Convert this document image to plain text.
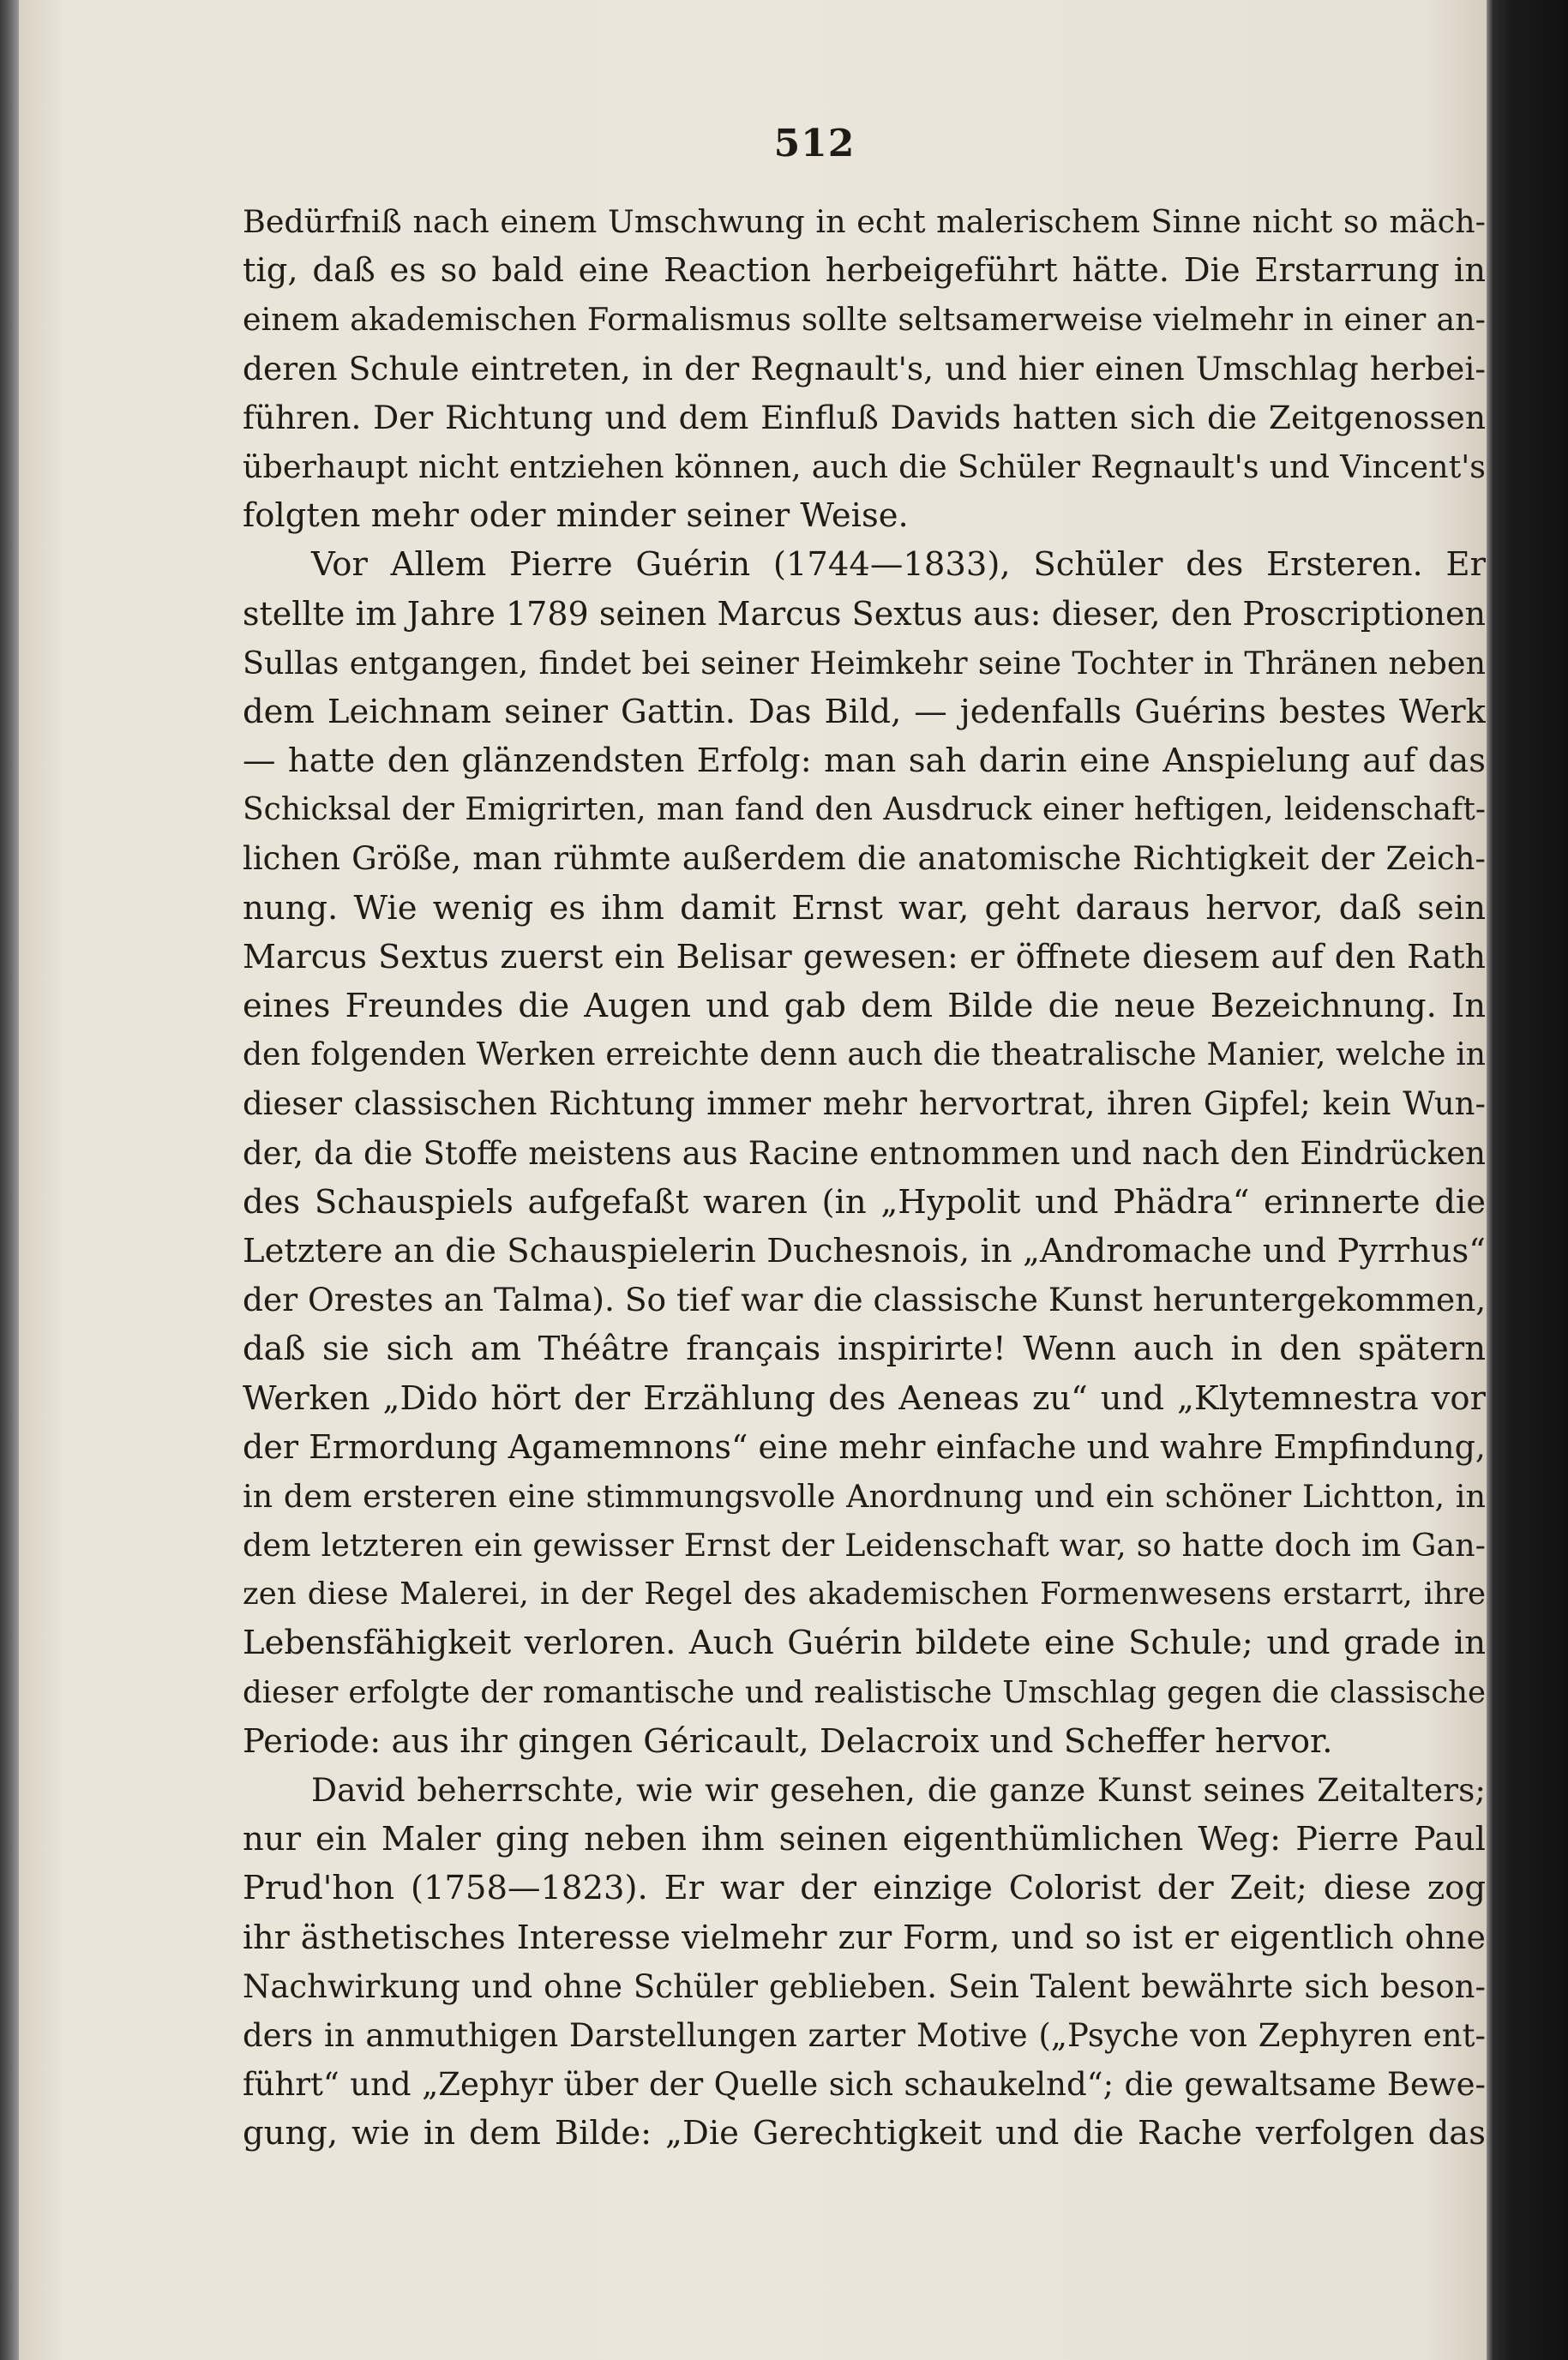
512
Bedürfniß nach einem Umschwung in echt malerischem Sinne nicht so mäch-
tig, daß es so bald eine Reaction herbeigeführt hätte. Die Erstarrung in
einem akademischen Formalismus sollte seltsamerweise vielmehr in einer an-
deren Schule eintreten, in der Regnault's, und hier einen Umschlag herbei-
führen. Der Richtung und dem Einfluß Davids hatten sich die Zeitgenossen
überhaupt nicht entziehen können, auch die Schüler Regnault's und Vincent's
folgten mehr oder minder seiner Weise.
Vor Allem Pierre Guérin (1744—1833), Schüler des Ersteren. Er
stellte im Jahre 1789 seinen Marcus Sextus aus: dieser, den Proscriptionen
Sullas entgangen, findet bei seiner Heimkehr seine Tochter in Thränen neben
dem Leichnam seiner Gattin. Das Bild, — jedenfalls Guérins bestes Werk
— hatte den glänzendsten Erfolg: man sah darin eine Anspielung auf das
Schicksal der Emigrirten, man fand den Ausdruck einer heftigen, leidenschaft-
lichen Größe, man rühmte außerdem die anatomische Richtigkeit der Zeich-
nung. Wie wenig es ihm damit Ernst war, geht daraus hervor, daß sein
Marcus Sextus zuerst ein Belisar gewesen: er öffnete diesem auf den Rath
eines Freundes die Augen und gab dem Bilde die neue Bezeichnung. In
den folgenden Werken erreichte denn auch die theatralische Manier, welche in
dieser classischen Richtung immer mehr hervortrat, ihren Gipfel; kein Wun-
der, da die Stoffe meistens aus Racine entnommen und nach den Eindrücken
des Schauspiels aufgefaßt waren (in „Hypolit und Phädra“ erinnerte die
Letztere an die Schauspielerin Duchesnois, in „Andromache und Pyrrhus“
der Orestes an Talma). So tief war die classische Kunst heruntergekommen,
daß sie sich am Théâtre français inspirirte! Wenn auch in den spätern
Werken „Dido hört der Erzählung des Aeneas zu“ und „Klytemnestra vor
der Ermordung Agamemnons“ eine mehr einfache und wahre Empfindung,
in dem ersteren eine stimmungsvolle Anordnung und ein schöner Lichtton, in
dem letzteren ein gewisser Ernst der Leidenschaft war, so hatte doch im Gan-
zen diese Malerei, in der Regel des akademischen Formenwesens erstarrt, ihre
Lebensfähigkeit verloren. Auch Guérin bildete eine Schule; und grade in
dieser erfolgte der romantische und realistische Umschlag gegen die classische
Periode: aus ihr gingen Géricault, Delacroix und Scheffer hervor.
David beherrschte, wie wir gesehen, die ganze Kunst seines Zeitalters;
nur ein Maler ging neben ihm seinen eigenthümlichen Weg: Pierre Paul
Prud'hon (1758—1823). Er war der einzige Colorist der Zeit; diese zog
ihr ästhetisches Interesse vielmehr zur Form, und so ist er eigentlich ohne
Nachwirkung und ohne Schüler geblieben. Sein Talent bewährte sich beson-
ders in anmuthigen Darstellungen zarter Motive („Psyche von Zephyren ent-
führt“ und „Zephyr über der Quelle sich schaukelnd“; die gewaltsame Bewe-
gung, wie in dem Bilde: „Die Gerechtigkeit und die Rache verfolgen das
